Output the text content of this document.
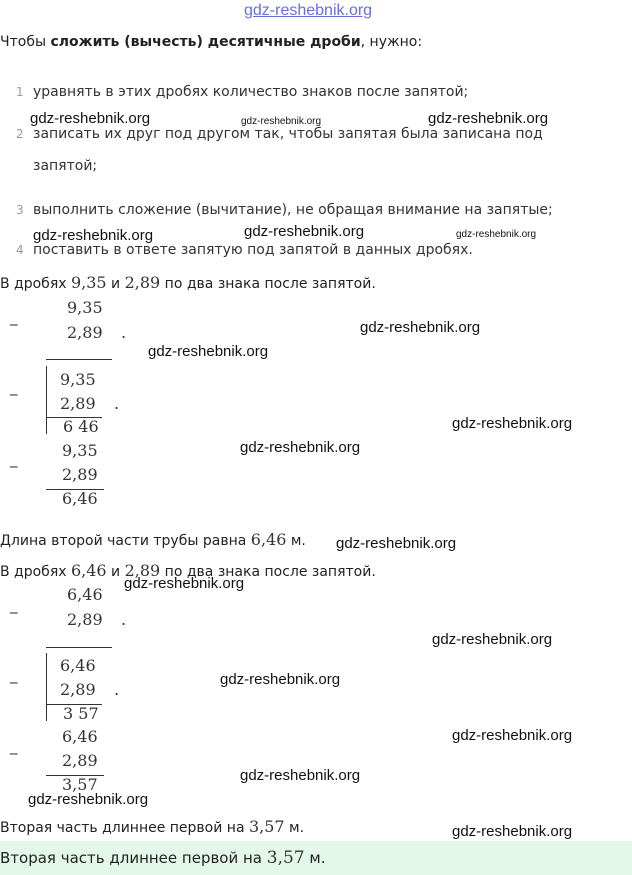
gdz-reshebnik.org
Чтобы сложить (вычесть) десятичные дроби, нужно:
1 уравнять в этих дробях количество знаков после запятой;
2 записать их друг под другом так, чтобы запятая была записана под
запятой;
3 выполнить сложение (вычитание), не обращая внимание на запятые;
4 поставить в ответе запятую под запятой в данных дробях.
В дробях 9,35 и 2,89 по два знака после запятой.
_	9,35
2,89 .
_	9,35
2,89 .
6 46
_	9,35
2,89
6,46
Длина второй части трубы равна 6,46 м.
В дробях 6,46 и 2,89 по два знака после запятой.
_
6,46
2,89 .
_	6,46
2,89 .
3 57
_	6,46
2,89
3,57
Вторая часть длиннее первой на 3,57 м.
Вторая часть длиннее первой на 3,57 м.
gdz-reshebnik.org	gdz-reshebnik.org	gdz-reshebnik.org
gdz-reshebnik.org	gdz-reshebnik.org	gdz-reshebnik.org
gdz-reshebnik.org
gdz-reshebnik.org
gdz-reshebnik.org
gdz-reshebnik.org
gdz-reshebnik.org
gdz-reshebnik.org
gdz-reshebnik.org
gdz-reshebnik.org
gdz-reshebnik.org
gdz-reshebnik.org
gdz-reshebnik.org
gdz-reshebnik.org
